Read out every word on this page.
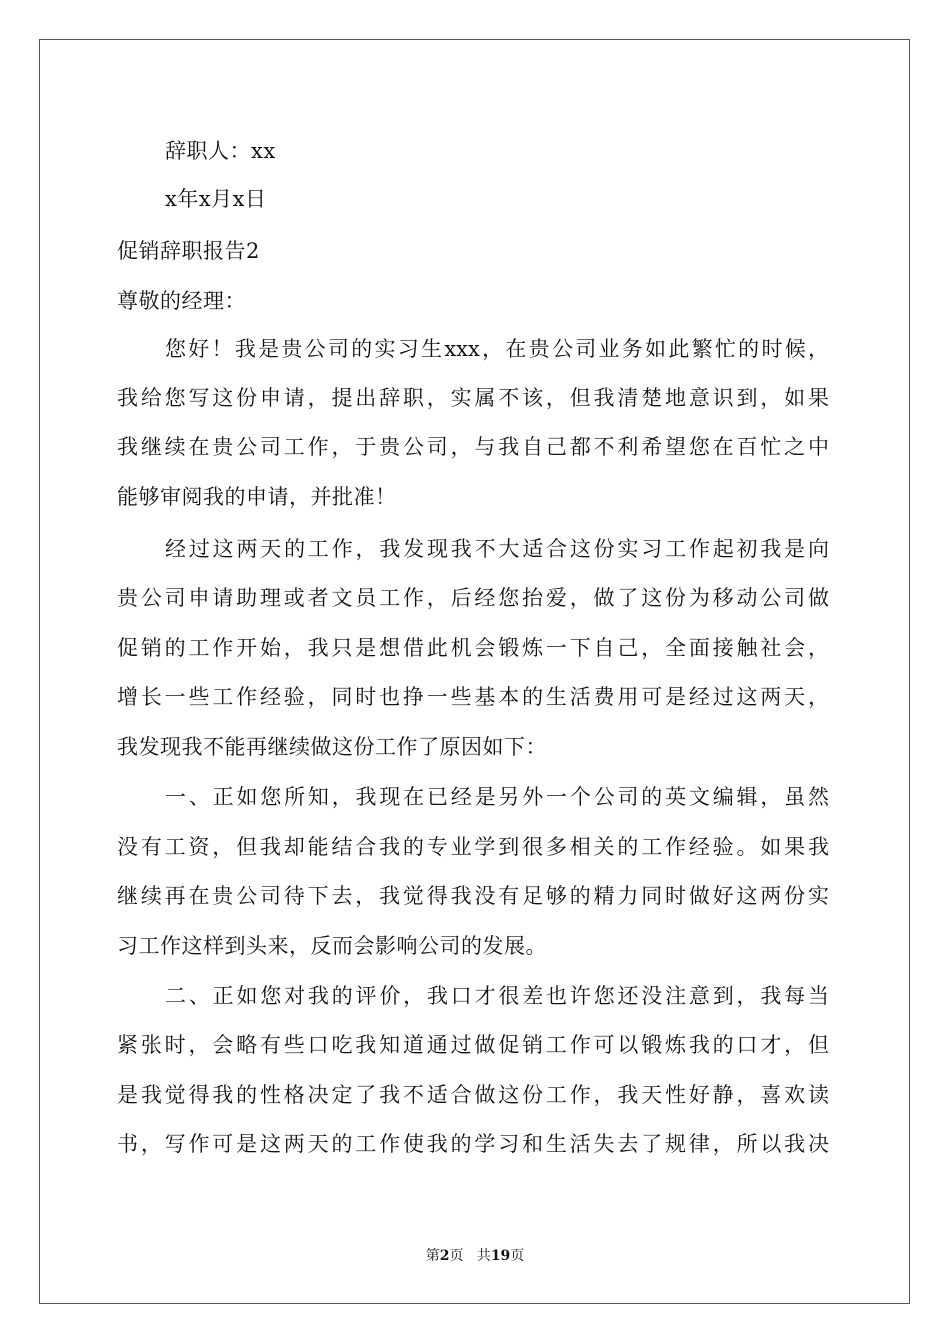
辞职人：xx
x年x月x日
促销辞职报告2
尊敬的经理：
您好！我是贵公司的实习生xxx，在贵公司业务如此繁忙的时候，
我给您写这份申请，提出辞职，实属不该，但我清楚地意识到，如果
我继续在贵公司工作，于贵公司，与我自己都不利希望您在百忙之中
能够审阅我的申请，并批准！
经过这两天的工作，我发现我不大适合这份实习工作起初我是向
贵公司申请助理或者文员工作，后经您抬爱，做了这份为移动公司做
促销的工作开始，我只是想借此机会锻炼一下自己，全面接触社会，
增长一些工作经验，同时也挣一些基本的生活费用可是经过这两天，
我发现我不能再继续做这份工作了原因如下：
一、正如您所知，我现在已经是另外一个公司的英文编辑，虽然
没有工资，但我却能结合我的专业学到很多相关的工作经验。如果我
继续再在贵公司待下去，我觉得我没有足够的精力同时做好这两份实
习工作这样到头来，反而会影响公司的发展。
二、正如您对我的评价，我口才很差也许您还没注意到，我每当
紧张时，会略有些口吃我知道通过做促销工作可以锻炼我的口才，但
是我觉得我的性格决定了我不适合做这份工作，我天性好静，喜欢读
书，写作可是这两天的工作使我的学习和生活失去了规律，所以我决
第2页 共19页
